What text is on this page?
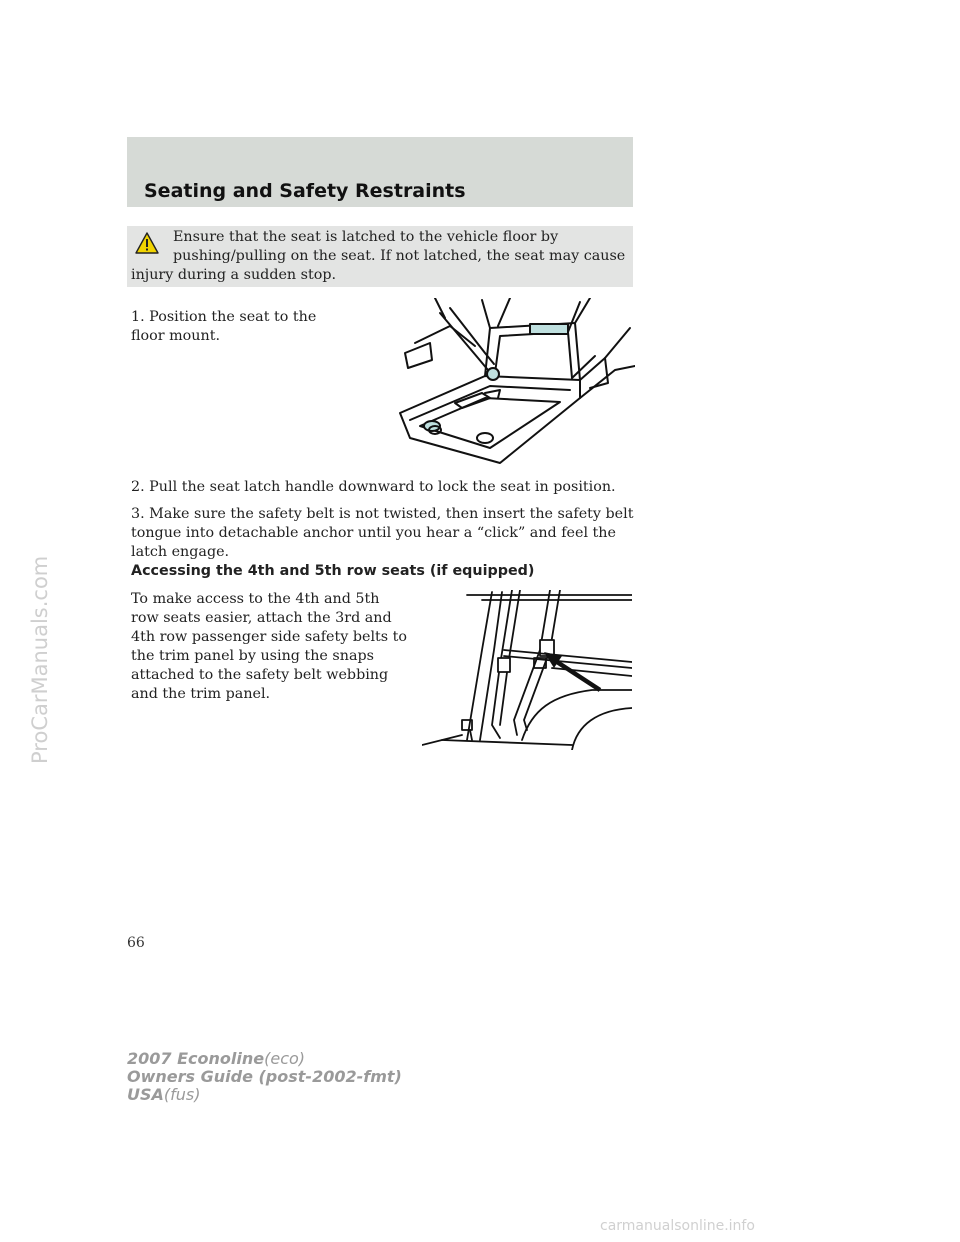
Seating and Safety Restraints
Ensure that the seat is latched to the vehicle floor by pushing/pulling on the seat. If not latched, the seat may cause injury during a sudden stop.
1. Position the seat to the floor mount.
2. Pull the seat latch handle downward to lock the seat in position.
3. Make sure the safety belt is not twisted, then insert the safety belt tongue into detachable anchor until you hear a “click” and feel the latch engage.
Accessing the 4th and 5th row seats (if equipped)
To make access to the 4th and 5th row seats easier, attach the 3rd and 4th row passenger side safety belts to the trim panel by using the snaps attached to the safety belt webbing and the trim panel.
66
2007 Econoline(eco)
Owners Guide (post-2002-fmt)
USA(fus)
ProCarManuals.com
carmanualsonline.info
